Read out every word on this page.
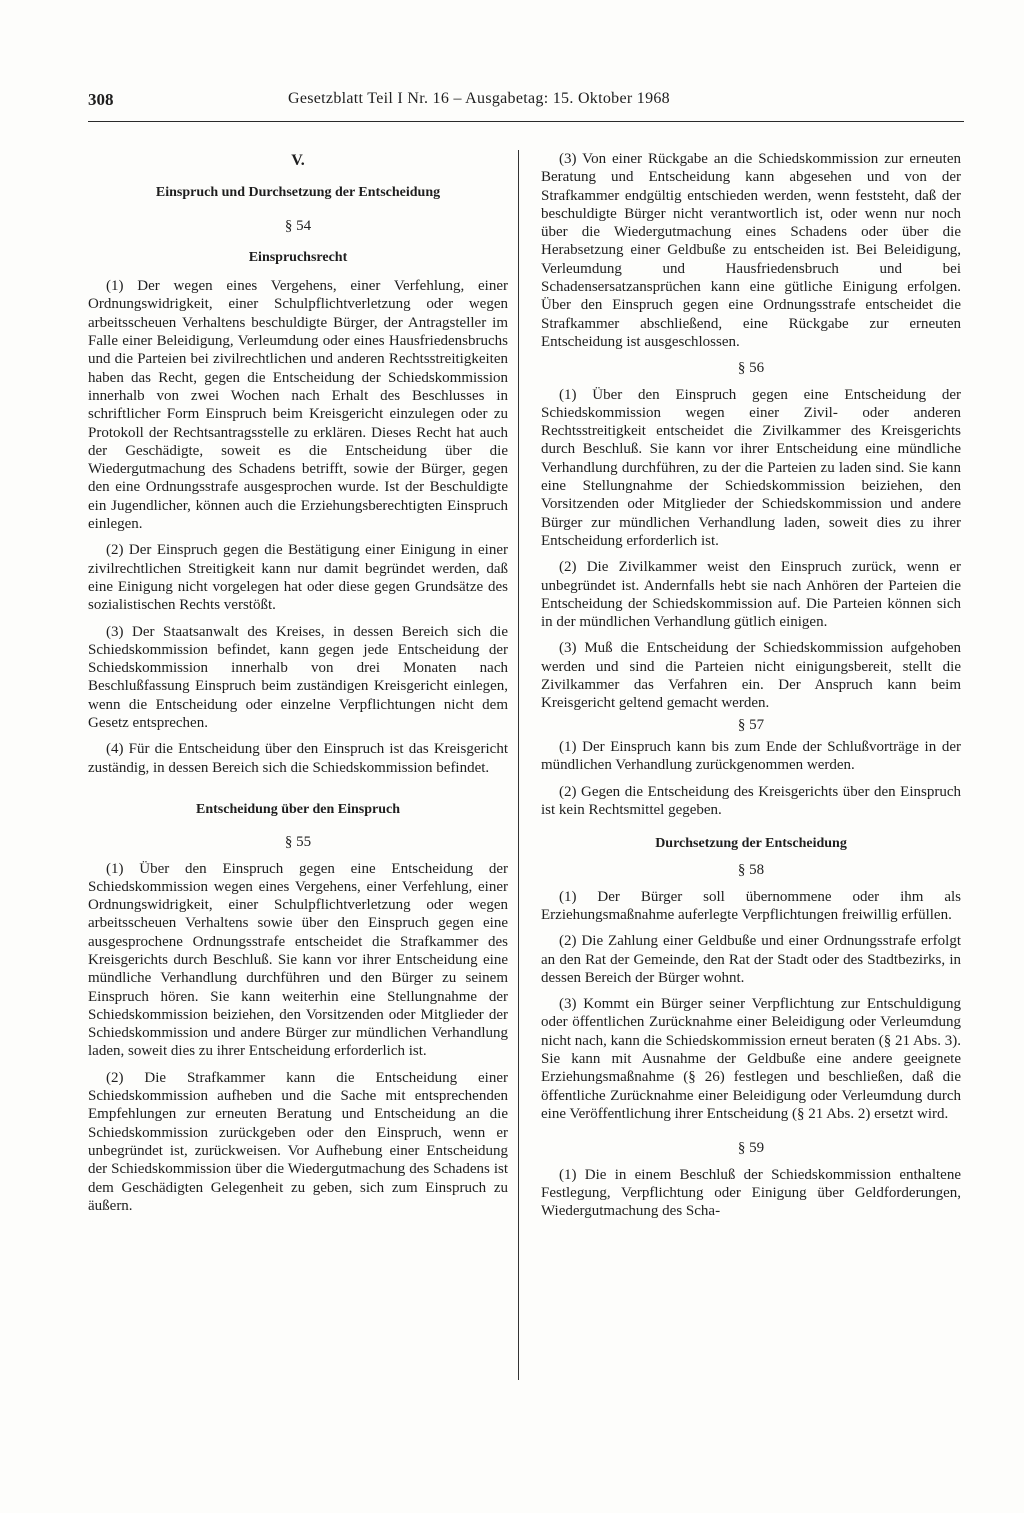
308	Gesetzblatt Teil I Nr. 16 – Ausgabetag: 15. Oktober 1968

V.

Einspruch und Durchsetzung der Entscheidung

§ 54

Einspruchsrecht

(1) Der wegen eines Vergehens, einer Verfehlung, einer Ordnungswidrigkeit, einer Schulpflichtverletzung oder wegen arbeitsscheuen Verhaltens beschuldigte Bürger, der Antragsteller im Falle einer Beleidigung, Verleumdung oder eines Hausfriedensbruchs und die Parteien bei zivilrechtlichen und anderen Rechtsstreitigkeiten haben das Recht, gegen die Entscheidung der Schiedskommission innerhalb von zwei Wochen nach Erhalt des Beschlusses in schriftlicher Form Einspruch beim Kreisgericht einzulegen oder zu Protokoll der Rechtsantragsstelle zu erklären. Dieses Recht hat auch der Geschädigte, soweit es die Entscheidung über die Wiedergutmachung des Schadens betrifft, sowie der Bürger, gegen den eine Ordnungsstrafe ausgesprochen wurde. Ist der Beschuldigte ein Jugendlicher, können auch die Erziehungsberechtigten Einspruch einlegen.

(2) Der Einspruch gegen die Bestätigung einer Einigung in einer zivilrechtlichen Streitigkeit kann nur damit begründet werden, daß eine Einigung nicht vorgelegen hat oder diese gegen Grundsätze des sozialistischen Rechts verstößt.

(3) Der Staatsanwalt des Kreises, in dessen Bereich sich die Schiedskommission befindet, kann gegen jede Entscheidung der Schiedskommission innerhalb von drei Monaten nach Beschlußfassung Einspruch beim zuständigen Kreisgericht einlegen, wenn die Entscheidung oder einzelne Verpflichtungen nicht dem Gesetz entsprechen.

(4) Für die Entscheidung über den Einspruch ist das Kreisgericht zuständig, in dessen Bereich sich die Schiedskommission befindet.

Entscheidung über den Einspruch

§ 55

(1) Über den Einspruch gegen eine Entscheidung der Schiedskommission wegen eines Vergehens, einer Verfehlung, einer Ordnungswidrigkeit, einer Schulpflichtverletzung oder wegen arbeitsscheuen Verhaltens sowie über den Einspruch gegen eine ausgesprochene Ordnungsstrafe entscheidet die Strafkammer des Kreisgerichts durch Beschluß. Sie kann vor ihrer Entscheidung eine mündliche Verhandlung durchführen und den Bürger zu seinem Einspruch hören. Sie kann weiterhin eine Stellungnahme der Schiedskommission beiziehen, den Vorsitzenden oder Mitglieder der Schiedskommission und andere Bürger zur mündlichen Verhandlung laden, soweit dies zu ihrer Entscheidung erforderlich ist.

(2) Die Strafkammer kann die Entscheidung einer Schiedskommission aufheben und die Sache mit entsprechenden Empfehlungen zur erneuten Beratung und Entscheidung an die Schiedskommission zurückgeben oder den Einspruch, wenn er unbegründet ist, zurückweisen. Vor Aufhebung einer Entscheidung der Schiedskommission über die Wiedergutmachung des Schadens ist dem Geschädigten Gelegenheit zu geben, sich zum Einspruch zu äußern.

(3) Von einer Rückgabe an die Schiedskommission zur erneuten Beratung und Entscheidung kann abgesehen und von der Strafkammer endgültig entschieden werden, wenn feststeht, daß der beschuldigte Bürger nicht verantwortlich ist, oder wenn nur noch über die Wiedergutmachung eines Schadens oder über die Herabsetzung einer Geldbuße zu entscheiden ist. Bei Beleidigung, Verleumdung und Hausfriedensbruch und bei Schadensersatzansprüchen kann eine gütliche Einigung erfolgen. Über den Einspruch gegen eine Ordnungsstrafe entscheidet die Strafkammer abschließend, eine Rückgabe zur erneuten Entscheidung ist ausgeschlossen.

§ 56

(1) Über den Einspruch gegen eine Entscheidung der Schiedskommission wegen einer Zivil- oder anderen Rechtsstreitigkeit entscheidet die Zivilkammer des Kreisgerichts durch Beschluß. Sie kann vor ihrer Entscheidung eine mündliche Verhandlung durchführen, zu der die Parteien zu laden sind. Sie kann eine Stellungnahme der Schiedskommission beiziehen, den Vorsitzenden oder Mitglieder der Schiedskommission und andere Bürger zur mündlichen Verhandlung laden, soweit dies zu ihrer Entscheidung erforderlich ist.

(2) Die Zivilkammer weist den Einspruch zurück, wenn er unbegründet ist. Andernfalls hebt sie nach Anhören der Parteien die Entscheidung der Schiedskommission auf. Die Parteien können sich in der mündlichen Verhandlung gütlich einigen.

(3) Muß die Entscheidung der Schiedskommission aufgehoben werden und sind die Parteien nicht einigungsbereit, stellt die Zivilkammer das Verfahren ein. Der Anspruch kann beim Kreisgericht geltend gemacht werden.

§ 57

(1) Der Einspruch kann bis zum Ende der Schlußvorträge in der mündlichen Verhandlung zurückgenommen werden.

(2) Gegen die Entscheidung des Kreisgerichts über den Einspruch ist kein Rechtsmittel gegeben.

Durchsetzung der Entscheidung

§ 58

(1) Der Bürger soll übernommene oder ihm als Erziehungsmaßnahme auferlegte Verpflichtungen freiwillig erfüllen.

(2) Die Zahlung einer Geldbuße und einer Ordnungsstrafe erfolgt an den Rat der Gemeinde, den Rat der Stadt oder des Stadtbezirks, in dessen Bereich der Bürger wohnt.

(3) Kommt ein Bürger seiner Verpflichtung zur Entschuldigung oder öffentlichen Zurücknahme einer Beleidigung oder Verleumdung nicht nach, kann die Schiedskommission erneut beraten (§ 21 Abs. 3). Sie kann mit Ausnahme der Geldbuße eine andere geeignete Erziehungsmaßnahme (§ 26) festlegen und beschließen, daß die öffentliche Zurücknahme einer Beleidigung oder Verleumdung durch eine Veröffentlichung ihrer Entscheidung (§ 21 Abs. 2) ersetzt wird.

§ 59

(1) Die in einem Beschluß der Schiedskommission enthaltene Festlegung, Verpflichtung oder Einigung über Geldforderungen, Wiedergutmachung des Scha-
